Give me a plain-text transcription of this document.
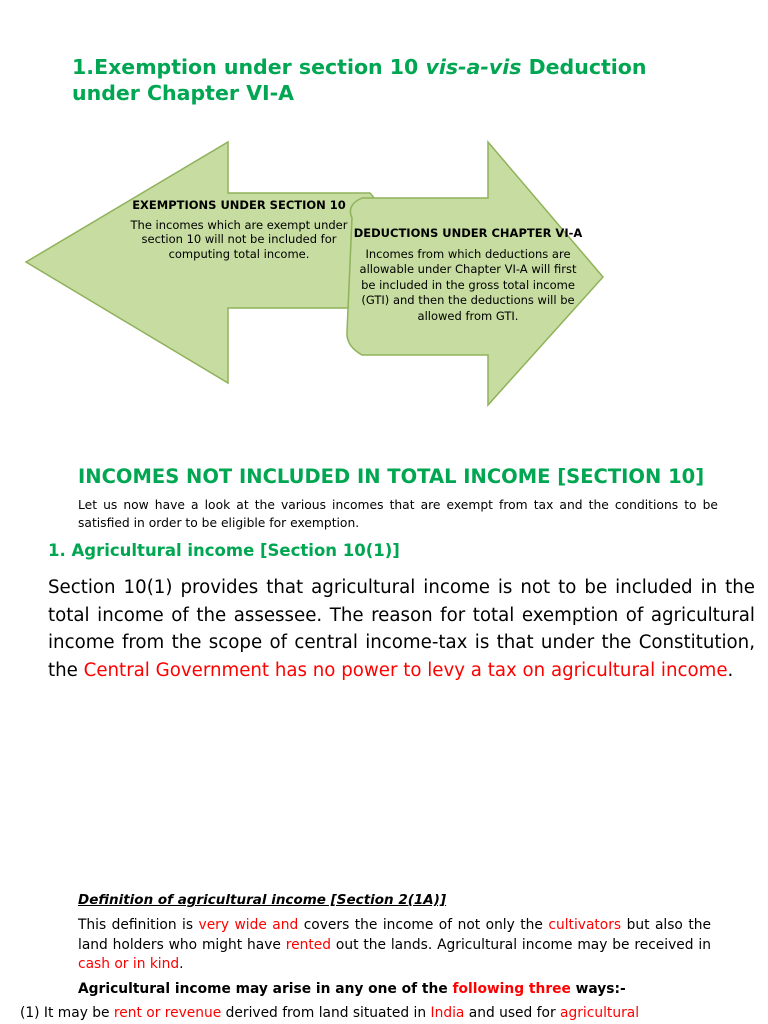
1.Exemption under section 10 vis-a-vis Deduction under Chapter VI-A
EXEMPTIONS UNDER SECTION 10
The incomes which are exempt under section 10 will not be included for computing total income.
DEDUCTIONS UNDER CHAPTER VI-A
Incomes from which deductions are allowable under Chapter VI-A will first be included in the gross total income (GTI) and then the deductions will be allowed from GTI.
INCOMES NOT INCLUDED IN TOTAL INCOME [SECTION 10]
Let us now have a look at the various incomes that are exempt from tax and the conditions to be satisfied in order to be eligible for exemption.
1. Agricultural income [Section 10(1)]
Section 10(1) provides that agricultural income is not to be included in the total income of the assessee. The reason for total exemption of agricultural income from the scope of central income-tax is that under the Constitution, the Central Government has no power to levy a tax on agricultural income.
Definition of agricultural income [Section 2(1A)]
This definition is very wide and covers the income of not only the cultivators but also the land holders who might have rented out the lands. Agricultural income may be received in cash or in kind.
Agricultural income may arise in any one of the following three ways:-
(1) It may be rent or revenue derived from land situated in India and used for agricultural
